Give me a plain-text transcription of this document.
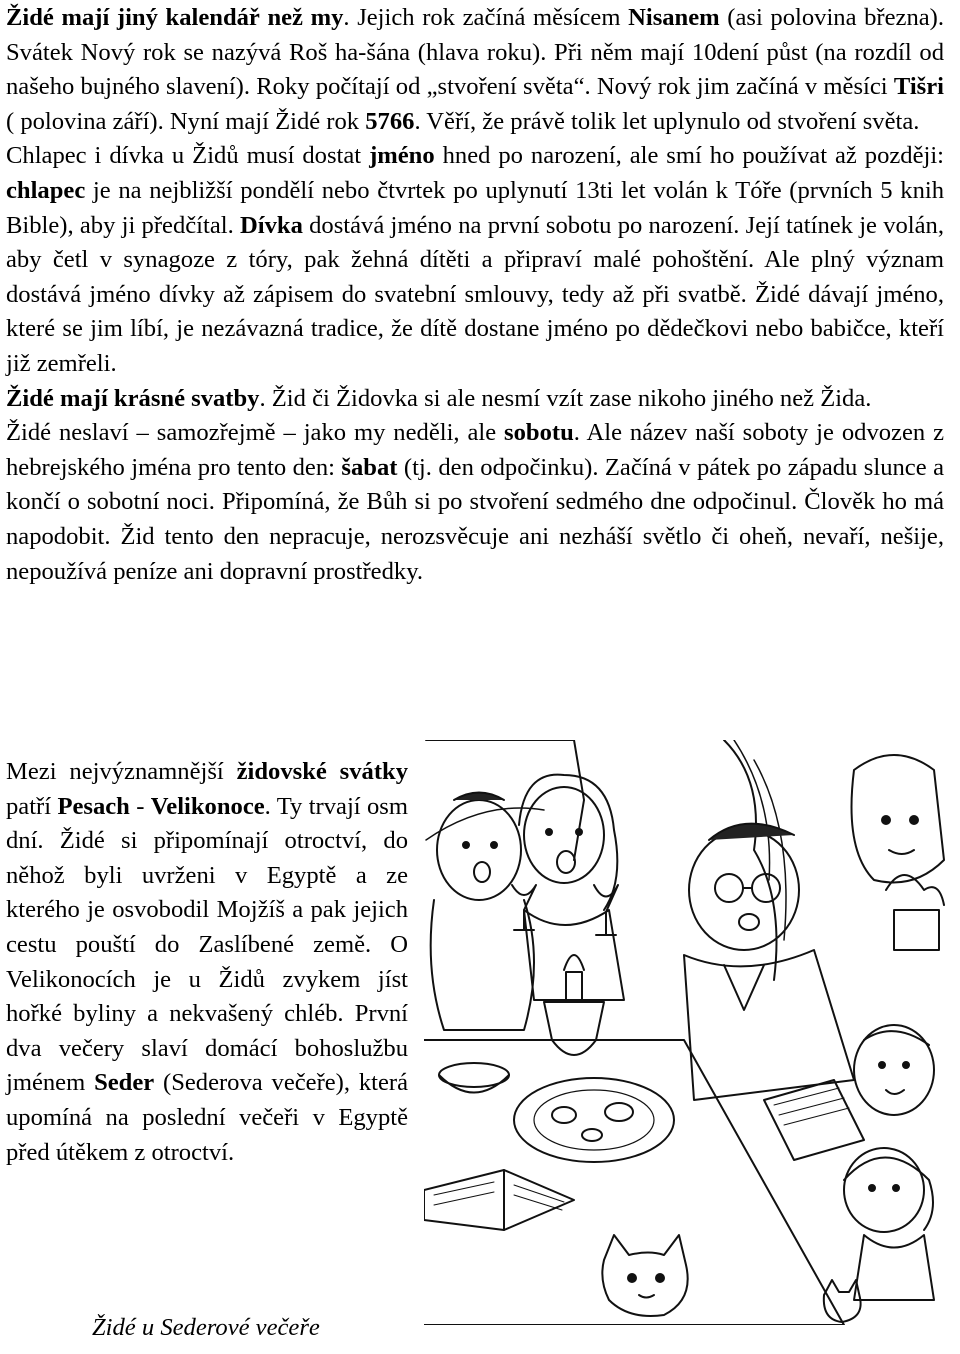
Židé mají jiný kalendář než my. Jejich rok začíná měsícem Nisanem (asi polovina března). Svátek Nový rok se nazývá Roš ha-šána (hlava roku). Při něm mají 10dení půst (na rozdíl od našeho bujného slavení). Roky počítají od „stvoření světa“. Nový rok jim začíná v měsíci Tišri ( polovina září). Nyní mají Židé rok 5766. Věří, že právě tolik let uplynulo od stvoření světa.

Chlapec i dívka u Židů musí dostat jméno hned po narození, ale smí ho používat až později: chlapec je na nejbližší pondělí nebo čtvrtek po uplynutí 13ti let volán k Tóře (prvních 5 knih Bible), aby ji předčítal. Dívka dostává jméno na první sobotu po narození. Její tatínek je volán, aby četl v synagoze z tóry, pak žehná dítěti a připraví malé pohoštění. Ale plný význam dostává jméno dívky až zápisem do svatební smlouvy, tedy až při svatbě. Židé dávají jméno, které se jim líbí, je nezávazná tradice, že dítě dostane jméno po dědečkovi nebo babičce, kteří již zemřeli.

Židé mají krásné svatby. Žid či Židovka si ale nesmí vzít zase nikoho jiného než Žida.

Židé neslaví – samozřejmě – jako my neděli, ale sobotu. Ale název naší soboty je odvozen z hebrejského jména pro tento den: šabat (tj. den odpočinku). Začíná v pátek po západu slunce a končí o sobotní noci. Připomíná, že Bůh si po stvoření sedmého dne odpočinul. Člověk ho má napodobit. Žid tento den nepracuje, nerozsvěcuje ani nezháší světlo či oheň, nevaří, nešije, nepoužívá peníze ani dopravní prostředky.

Mezi nejvýznamnější židovské svátky patří Pesach - Velikonoce. Ty trvají osm dní. Židé si připomínají otroctví, do něhož byli uvrženi v Egyptě a ze kterého je osvobodil Mojžíš a pak jejich cestu pouští do Zaslíbené země. O Velikonocích je u Židů zvykem jíst hořké byliny a nekvašený chléb. První dva večery slaví domácí bohoslužbu jménem Seder (Sederova večeře), která upomíná na poslední večeři v Egyptě před útěkem z otroctví.

Židé u Sederové večeře
